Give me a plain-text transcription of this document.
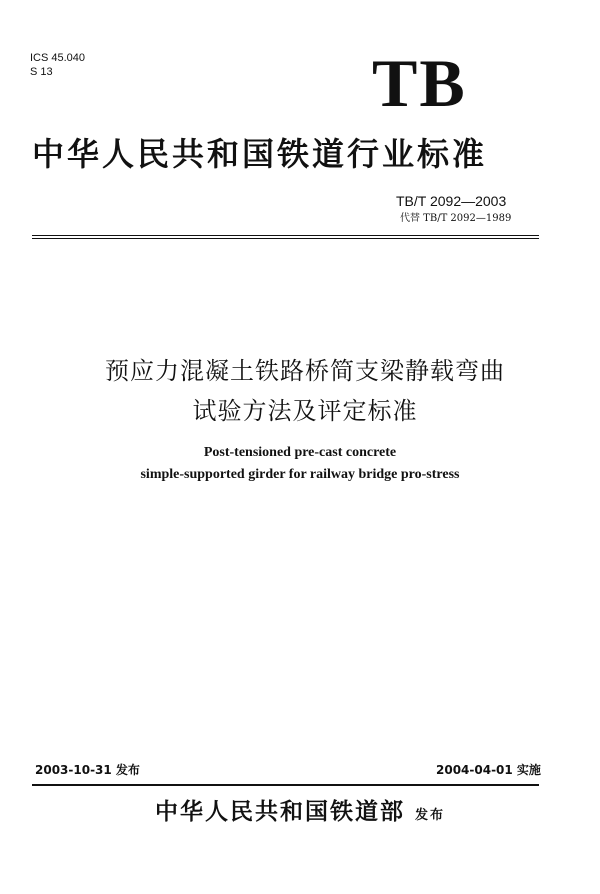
ICS 45.040
S 13	TB
中华人民共和国铁道行业标准
TB/T 2092—2003
代替 TB/T 2092—1989
预应力混凝土铁路桥简支梁静载弯曲
试验方法及评定标准
Post-tensioned pre-cast concrete
simple-supported girder for railway bridge pro-stress
2003-10-31 发布	2004-04-01 实施
中华人民共和国铁道部 发布
